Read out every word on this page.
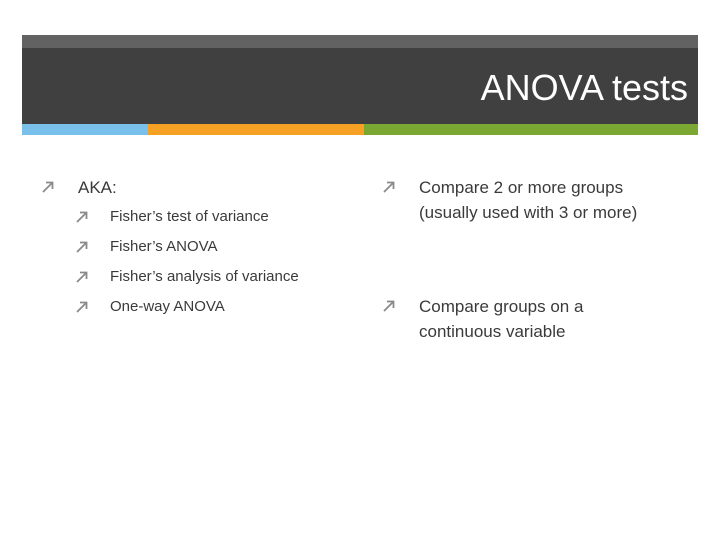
ANOVA tests
AKA:
Fisher’s test of variance
Fisher’s ANOVA
Fisher’s analysis of variance
One-way ANOVA
Compare 2 or more groups (usually used with 3 or more)
Compare groups on a continuous variable
